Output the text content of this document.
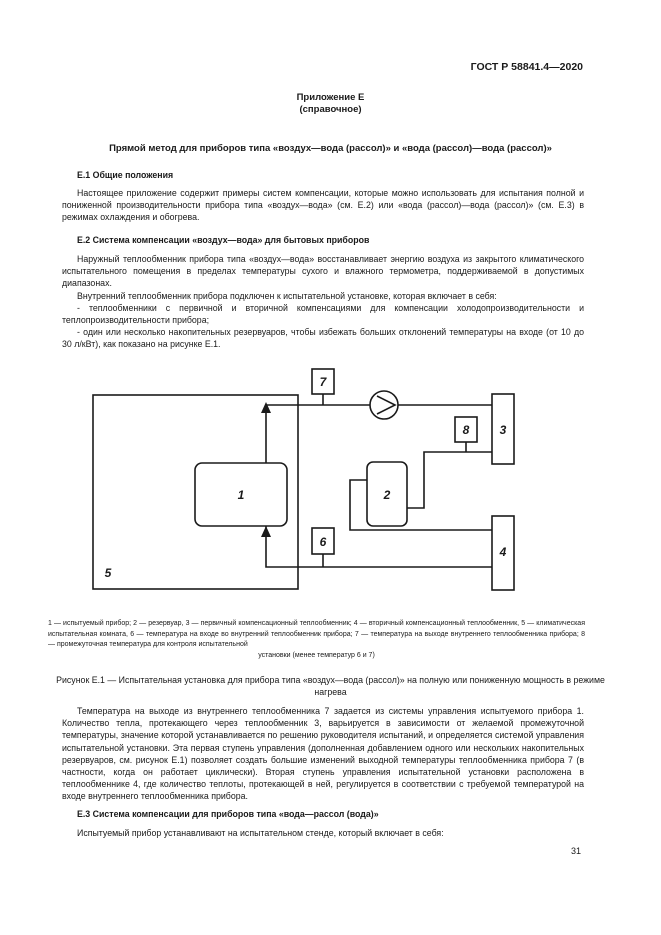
ГОСТ Р 58841.4—2020
Приложение Е
(справочное)
Прямой метод для приборов типа «воздух—вода (рассол)» и «вода (рассол)—вода (рассол)»
Е.1 Общие положения

Настоящее приложение содержит примеры систем компенсации, которые можно использовать для испытания полной и пониженной производительности прибора типа «воздух—вода» (см. Е.2) или «вода (рассол)—вода (рассол)» (см. Е.3) в режимах охлаждения и обогрева.

Е.2 Система компенсации «воздух—вода» для бытовых приборов

Наружный теплообменник прибора типа «воздух—вода» восстанавливает энергию воздуха из закрытого климатического испытательного помещения в пределах температуры сухого и влажного термометра, поддерживаемой в допустимых диапазонах.

Внутренний теплообменник прибора подключен к испытательной установке, которая включает в себя:

- теплообменники с первичной и вторичной компенсациями для компенсации холодопроизводительности и теплопроизводительности прибора;

- один или несколько накопительных резервуаров, чтобы избежать больших отклонений температуры на входе (от 10 до 30 л/кВт), как показано на рисунке Е.1.

1	2
3
4
5
6
7
8
1 — испытуемый прибор; 2 — резервуар, 3 — первичный компенсационный теплообменник; 4 — вторичный компенсационный теплообменник, 5 — климатическая испытательная комната, 6 — температура на входе во внутренний теплообменник прибора; 7 — температура на выходе внутреннего теплообменника прибора; 8 — промежуточная температура для контроля испытательной
установки (менее температур 6 и 7)
Рисунок Е.1 — Испытательная установка для прибора типа «воздух—вода (рассол)» на полную или пониженную мощность в режиме нагрева

Температура на выходе из внутреннего теплообменника 7 задается из системы управления испытуемого прибора 1. Количество тепла, протекающего через теплообменник 3, варьируется в зависимости от желаемой промежуточной температуры, значение которой устанавливается по решению руководителя испытаний, и определяется системой управления испытательной установки. Эта первая ступень управления (дополненная добавлением одного или нескольких накопительных резервуаров, см. рисунок Е.1) позволяет создать большие изменений выходной температуры теплообменника прибора 7 (в частности, когда он работает циклически). Вторая ступень управления испытательной установки расположена в теплообменнике 4, где количество теплоты, протекающей в ней, регулируется в соответствии с требуемой температурой на входе внутреннего теплообменника прибора.

Е.3 Система компенсации для приборов типа «вода—рассол (вода)»

Испытуемый прибор устанавливают на испытательном стенде, который включает в себя:

31
